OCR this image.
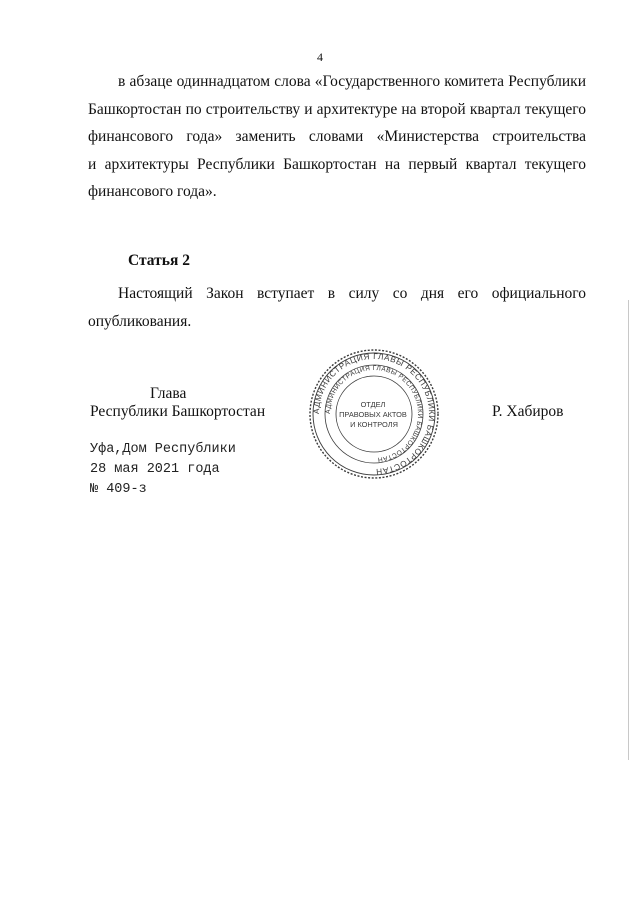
4
в абзаце одиннадцатом слова «Государственного комитета Республики
Башкортостан по строительству и архитектуре на второй квартал текущего
финансового года» заменить словами «Министерства строительства
и архитектуры Республики Башкортостан на первый квартал текущего
финансового года».
Статья 2
Настоящий Закон вступает в силу со дня его официального
опубликования.
Глава
Республики Башкортостан	Р. Хабиров
Уфа,Дом Республики
28 мая 2021 года
№ 409-з
АДМИНИСТРАЦИЯ ГЛАВЫ РЕСПУБЛИКИ БАШКОРТОСТАН
АДМИНИСТРАЦИЯ ГЛАВЫ РЕСПУБЛИКИ БАШКОРТОСТАН
ОТДЕЛ ПРАВОВЫХ АКТОВ И КОНТРОЛЯ
